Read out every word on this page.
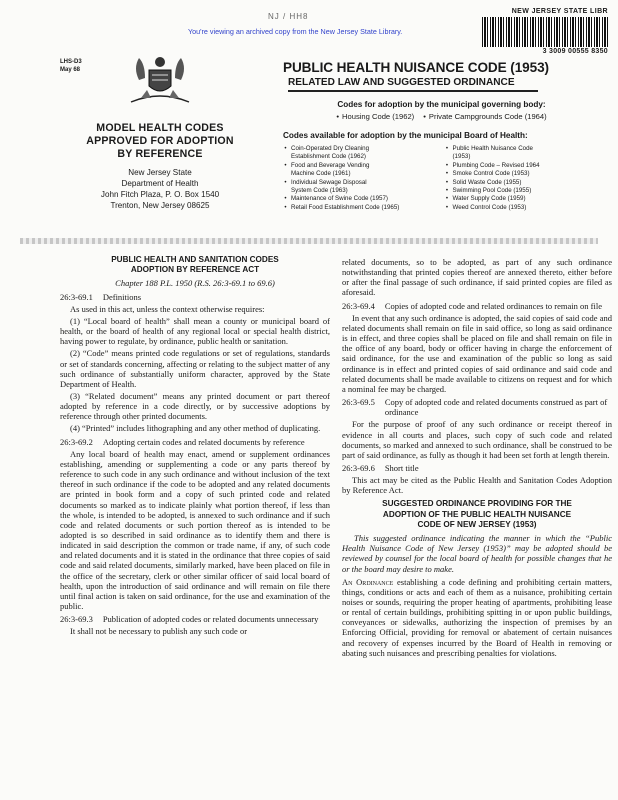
You're viewing an archived copy from the New Jersey State Library.
NJ / HH8
NEW JERSEY STATE LIBR
3 3009 00555 8350
LHS-D3
May 68
MODEL HEALTH CODES
APPROVED FOR ADOPTION
BY REFERENCE
New Jersey State
Department of Health
John Fitch Plaza, P. O. Box 1540
Trenton, New Jersey 08625
PUBLIC HEALTH NUISANCE CODE (1953)
RELATED LAW AND SUGGESTED ORDINANCE
Codes for adoption by the municipal governing body:
• Housing Code (1962)
•	Private Campgrounds Code (1964)
Codes available for adoption by the municipal Board of Health:
• Coin-Operated Dry Cleaning
Establishment Code (1962)
• Food and Beverage Vending
Machine Code (1961)
• Individual Sewage Disposal
System Code (1963)
• Maintenance of Swine Code (1957)
• Retail Food Establishment Code (1965)
• Public Health Nuisance Code
(1953)
• Plumbing Code – Revised 1964
• Smoke Control Code (1953)
• Solid Waste Code (1955)
• Swimming Pool Code (1955)
• Water Supply Code (1959)
• Weed Control Code (1953)
PUBLIC HEALTH AND SANITATION CODES
ADOPTION BY REFERENCE ACT
Chapter 188 P.L. 1950 (R.S. 26:3-69.1 to 69.6)
26:3-69.1 Definitions
As used in this act, unless the context otherwise requires:
(1) “Local board of health” shall mean a county or municipal board of health, or the board of health of any regional local or special health district, having power to regulate, by ordinance, public health or sanitation.
(2) “Code” means printed code regulations or set of regulations, standards or set of standards concerning, affecting or relating to the subject matter of any such ordinance of substantially uniform character, approved by the State Department of Health.
(3) “Related document” means any printed document or part thereof adopted by reference in a code directly, or by successive adoptions by reference through other printed documents.
(4) “Printed” includes lithographing and any other method of duplicating.
26:3-69.2 Adopting certain codes and related documents by reference
Any local board of health may enact, amend or supplement ordinances establishing, amending or supplementing a code or any parts thereof by reference to such code in any such ordinance and without inclusion of the text thereof in such ordinance if the code to be adopted and any related documents are printed in book form and a copy of such printed code and related documents so marked as to indicate plainly what portion thereof, if less than the whole, is intended to be adopted, is annexed to such ordinance and if such code and related documents or such portion thereof as is intended to be adopted is so described in said ordinance as to identify them and there is indicated in said description the common or trade name, if any, of such code and related documents and it is stated in the ordinance that three copies of said code and said related documents, similarly marked, have been placed on file in the office of the secretary, clerk or other similar officer of said local board of health, upon the introduction of said ordinance and will remain on file there until final action is taken on said ordinance, for the use and examination of the public.
26:3-69.3 Publication of adopted codes or related documents unnecessary
It shall not be necessary to publish any such code or
related documents, so to be adopted, as part of any such ordinance notwithstanding that printed copies thereof are annexed thereto, either before or after the final passage of such ordinance, if said printed copies are filed as aforesaid.
26:3-69.4 Copies of adopted code and related ordinances to remain on file
In event that any such ordinance is adopted, the said copies of said code and related documents shall remain on file in said office, so long as said ordinance is in effect, and three copies shall be placed on file and shall remain on file in the office of any board, body or officer having in charge the enforcement of said ordinance, for the use and examination of the public so long as said ordinance is in effect and printed copies of said ordinance and said code and related documents shall be made available to citizens on request and for which a nominal fee may be charged.
26:3-69.5 Copy of adopted code and related documents construed as part of ordinance
For the purpose of proof of any such ordinance or receipt thereof in evidence in all courts and places, such copy of such code and related documents, so marked and annexed to such ordinance, shall be construed to be part of said ordinance, as fully as though it had been set forth at length therein.
26:3-69.6 Short title
This act may be cited as the Public Health and Sanitation Codes Adoption by Reference Act.
SUGGESTED ORDINANCE PROVIDING FOR THE
ADOPTION OF THE PUBLIC HEALTH NUISANCE
CODE OF NEW JERSEY (1953)
This suggested ordinance indicating the manner in which the “Public Health Nuisance Code of New Jersey (1953)” may be adopted should be reviewed by counsel for the local board of health for possible changes that he or the board may desire to make.
An Ordinance establishing a code defining and prohibiting certain matters, things, conditions or acts and each of them as a nuisance, prohibiting certain noises or sounds, requiring the proper heating of apartments, prohibiting lease or rental of certain buildings, prohibiting spitting in or upon public buildings, conveyances or sidewalks, authorizing the inspection of premises by an Enforcing Official, providing for removal or abatement of certain nuisances and recovery of expenses incurred by the Board of Health in removing or abating such nuisances and prescribing penalties for violations.
